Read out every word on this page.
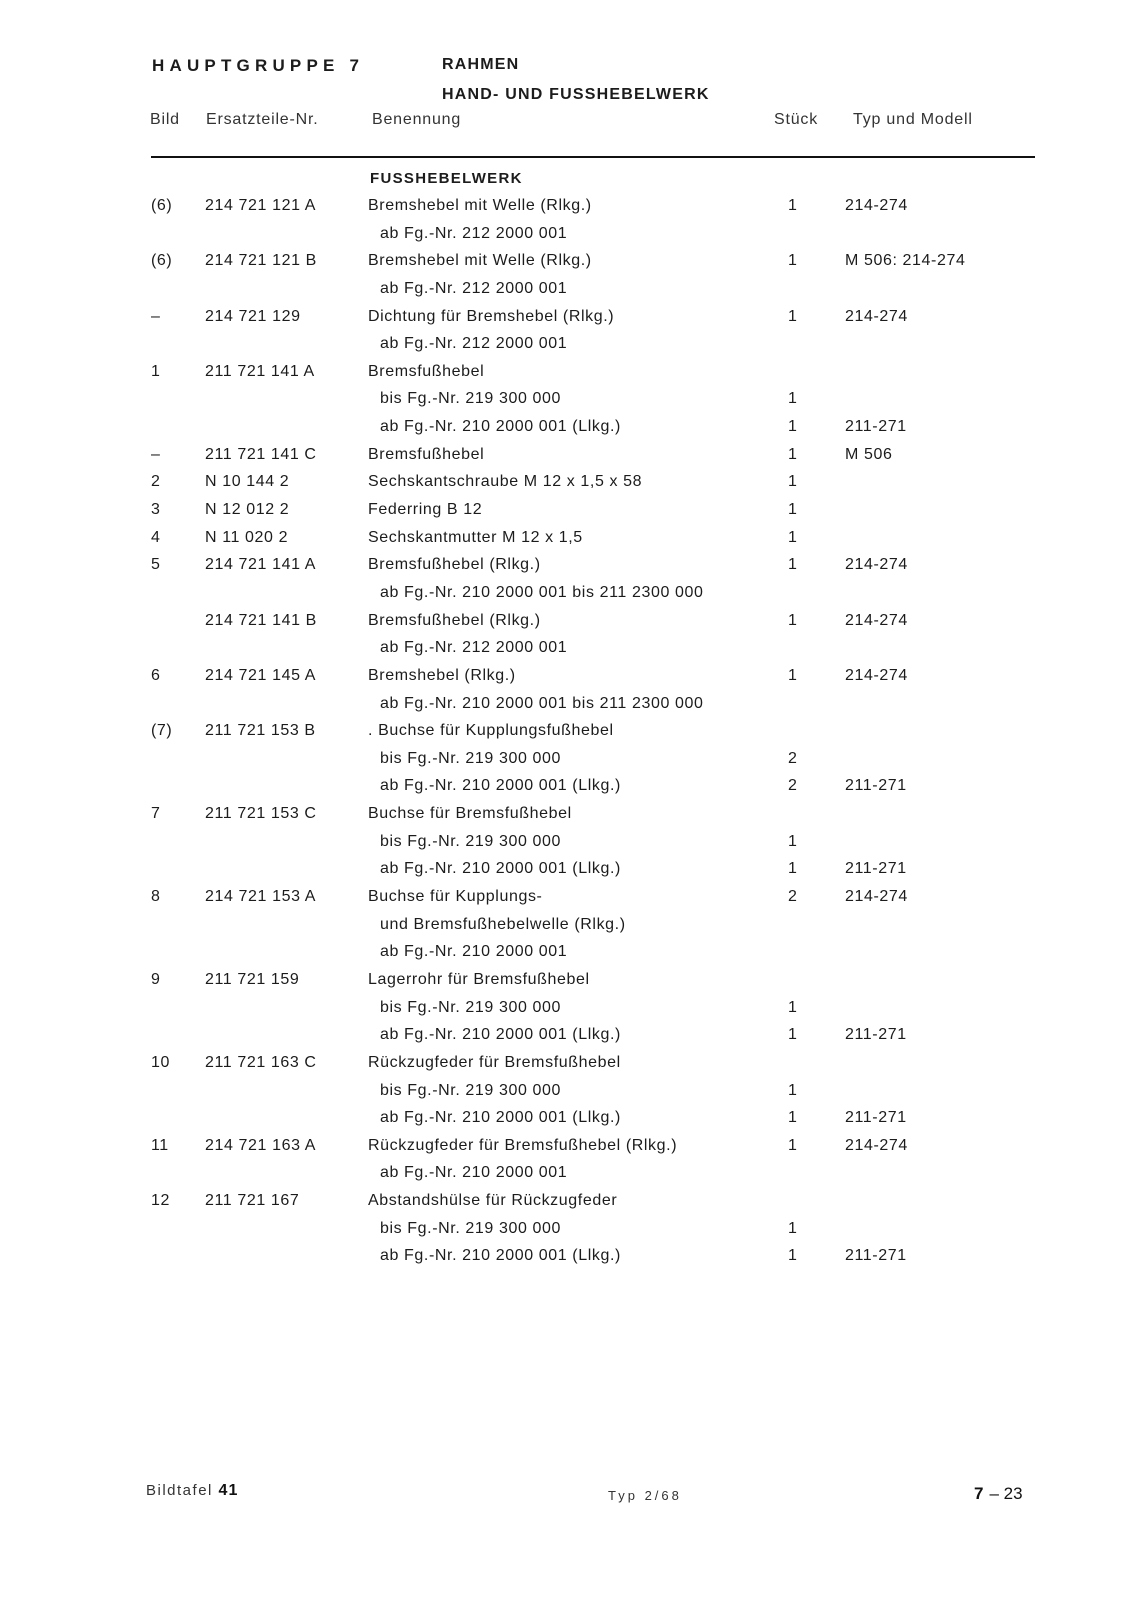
HAUPTGRUPPE 7	RAHMEN
HAND- UND FUSSHEBELWERK
Bild Ersatzteile-Nr.	Benennung	Stück Typ und Modell
FUSSHEBELWERK
(6) 214 721 121 A	Bremshebel mit Welle (Rlkg.)	1	214-274
ab Fg.-Nr. 212 2000 001
(6) 214 721 121 B	Bremshebel mit Welle (Rlkg.)	1	M 506: 214-274
ab Fg.-Nr. 212 2000 001
–	214 721 129	Dichtung für Bremshebel (Rlkg.)	1	214-274
ab Fg.-Nr. 212 2000 001
1	211 721 141 A	Bremsfußhebel
bis Fg.-Nr. 219 300 000	1
ab Fg.-Nr. 210 2000 001 (Llkg.)	1	211-271
–	211 721 141 C	Bremsfußhebel	1	M 506
2	N 10 144 2	Sechskantschraube M 12 x 1,5 x 58	1
3	N 12 012 2	Federring B 12	1
4	N 11 020 2	Sechskantmutter M 12 x 1,5	1
5	214 721 141 A	Bremsfußhebel (Rlkg.)	1	214-274
ab Fg.-Nr. 210 2000 001 bis 211 2300 000
214 721 141 B	Bremsfußhebel (Rlkg.)	1	214-274
ab Fg.-Nr. 212 2000 001
6	214 721 145 A	Bremshebel (Rlkg.)	1	214-274
ab Fg.-Nr. 210 2000 001 bis 211 2300 000
(7) 211 721 153 B	. Buchse für Kupplungsfußhebel
bis Fg.-Nr. 219 300 000	2
ab Fg.-Nr. 210 2000 001 (Llkg.)	2	211-271
7	211 721 153 C	Buchse für Bremsfußhebel
bis Fg.-Nr. 219 300 000	1
ab Fg.-Nr. 210 2000 001 (Llkg.)	1	211-271
8	214 721 153 A	Buchse für Kupplungs-	2	214-274
und Bremsfußhebelwelle (Rlkg.)
ab Fg.-Nr. 210 2000 001
9	211 721 159	Lagerrohr für Bremsfußhebel
bis Fg.-Nr. 219 300 000	1
ab Fg.-Nr. 210 2000 001 (Llkg.)	1	211-271
10 211 721 163 C	Rückzugfeder für Bremsfußhebel
bis Fg.-Nr. 219 300 000	1
ab Fg.-Nr. 210 2000 001 (Llkg.)	1	211-271
11 214 721 163 A	Rückzugfeder für Bremsfußhebel (Rlkg.)	1	214-274
ab Fg.-Nr. 210 2000 001
12 211 721 167	Abstandshülse für Rückzugfeder
bis Fg.-Nr. 219 300 000	1
ab Fg.-Nr. 210 2000 001 (Llkg.)	1	211-271
Bildtafel 41	Typ 2/68	7 – 23
